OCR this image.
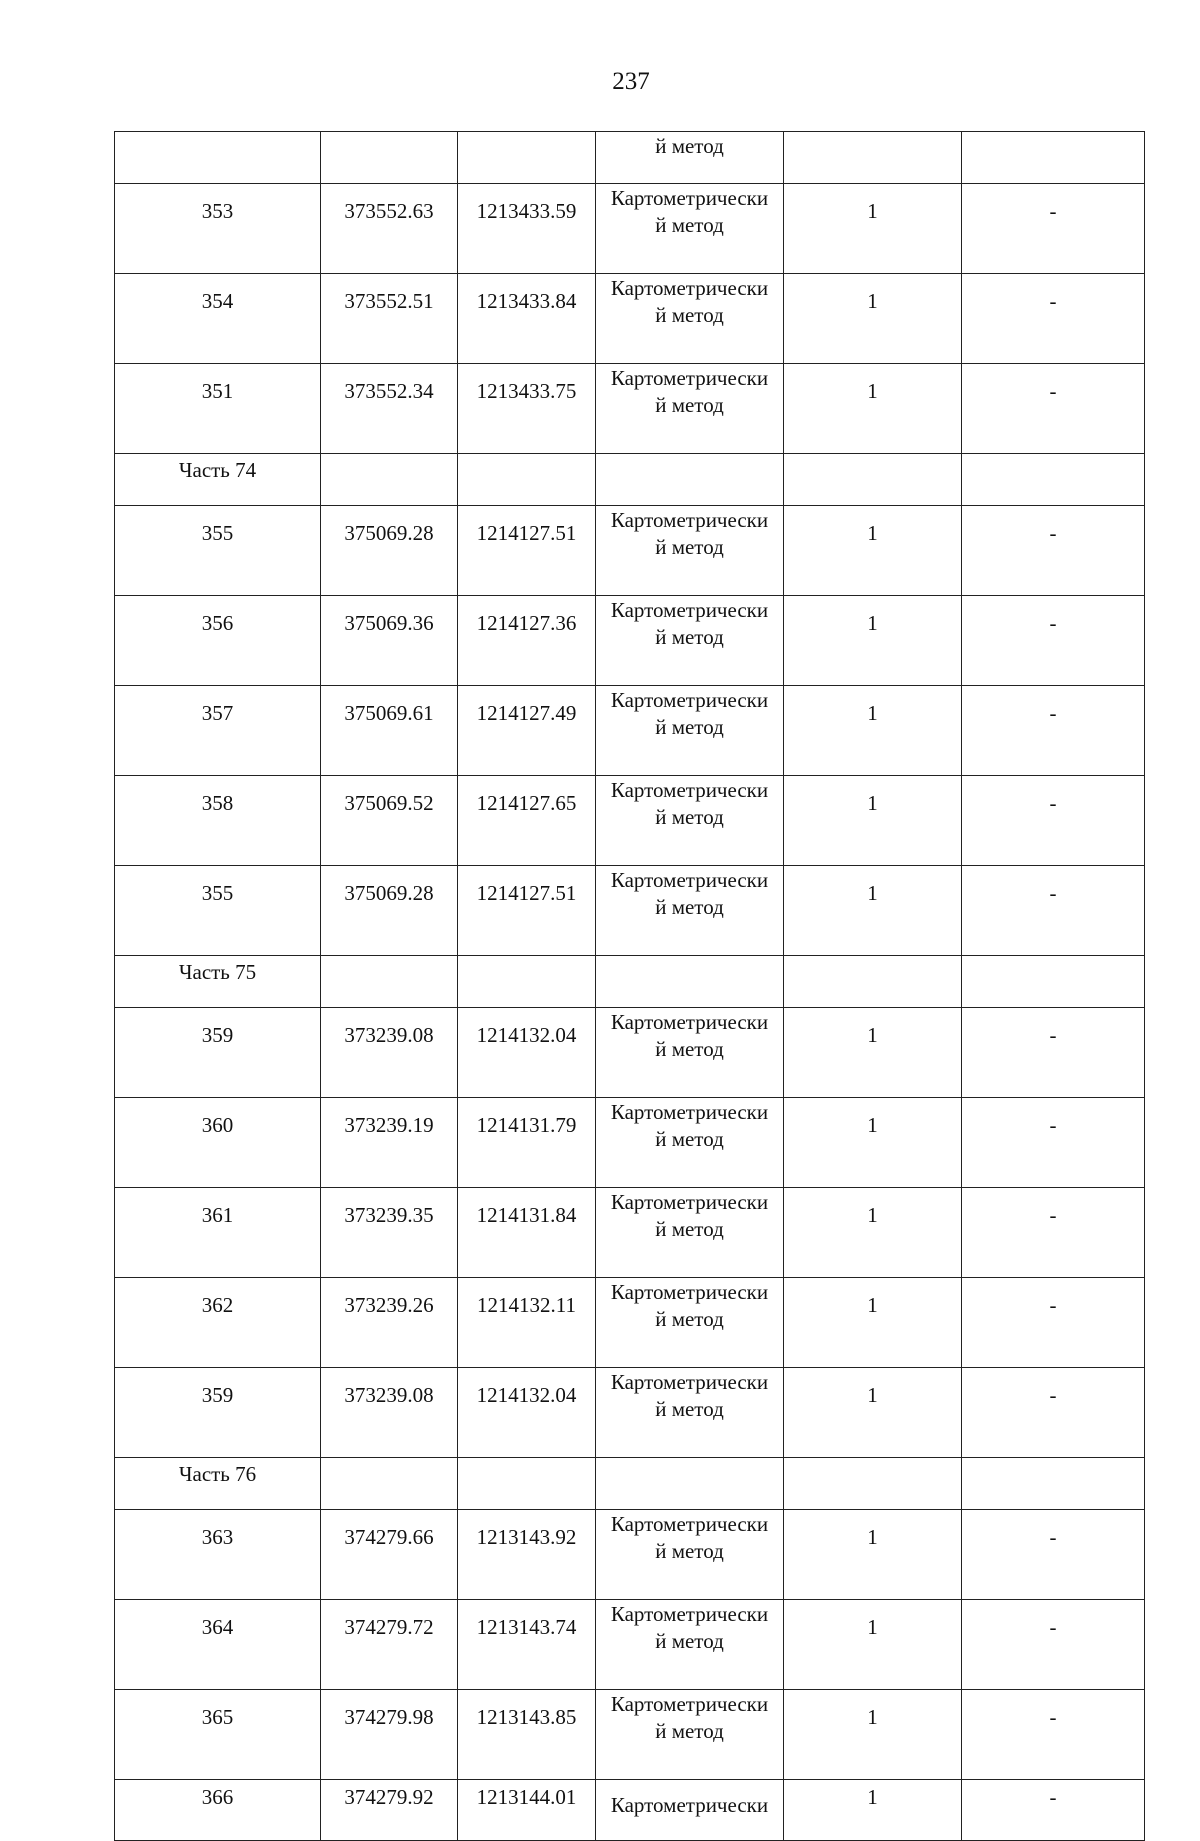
237
			й метод		
353	373552.63	1213433.59	Картометрически
й метод	1	-
354	373552.51	1213433.84	Картометрически
й метод	1	-
351	373552.34	1213433.75	Картометрически
й метод	1	-
Часть 74					
355	375069.28	1214127.51	Картометрически
й метод	1	-
356	375069.36	1214127.36	Картометрически
й метод	1	-
357	375069.61	1214127.49	Картометрически
й метод	1	-
358	375069.52	1214127.65	Картометрически
й метод	1	-
355	375069.28	1214127.51	Картометрически
й метод	1	-
Часть 75					
359	373239.08	1214132.04	Картометрически
й метод	1	-
360	373239.19	1214131.79	Картометрически
й метод	1	-
361	373239.35	1214131.84	Картометрически
й метод	1	-
362	373239.26	1214132.11	Картометрически
й метод	1	-
359	373239.08	1214132.04	Картометрически
й метод	1	-
Часть 76					
363	374279.66	1213143.92	Картометрически
й метод	1	-
364	374279.72	1213143.74	Картометрически
й метод	1	-
365	374279.98	1213143.85	Картометрически
й метод	1	-
366	374279.92	1213144.01	Картометрически	1	-
